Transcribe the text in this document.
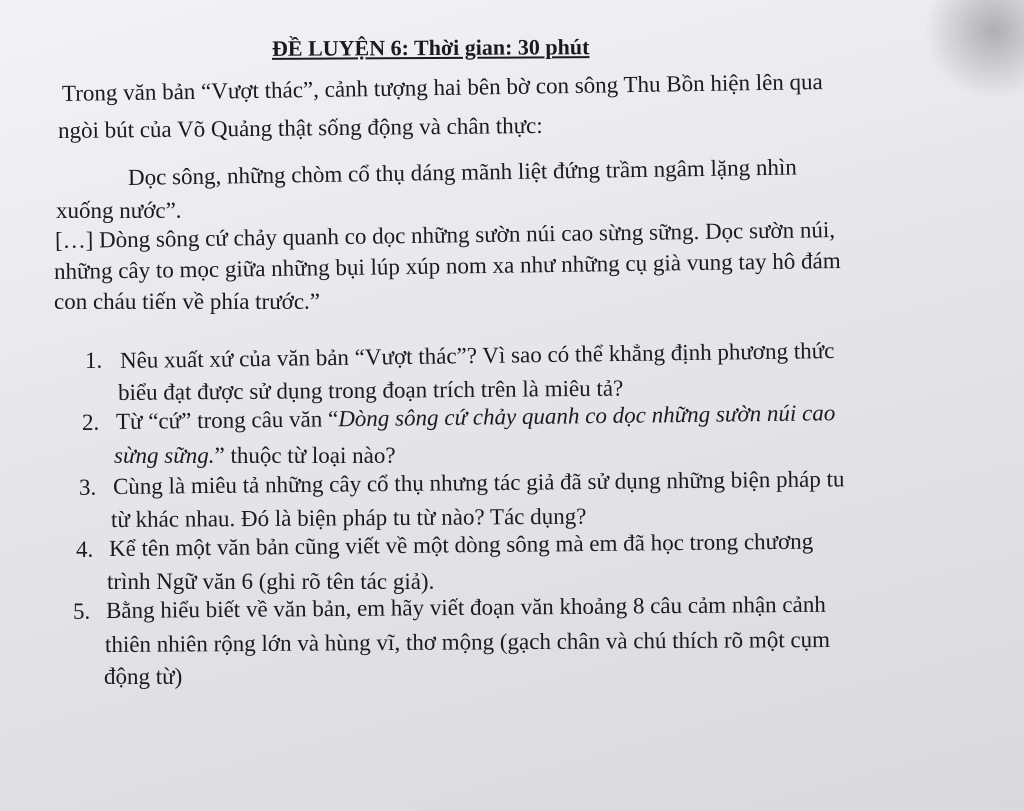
ĐỀ LUYỆN 6: Thời gian: 30 phút
Trong văn bản “Vượt thác”, cảnh tượng hai bên bờ con sông Thu Bồn hiện lên qua
ngòi bút của Võ Quảng thật sống động và chân thực:
Dọc sông, những chòm cổ thụ dáng mãnh liệt đứng trầm ngâm lặng nhìn
xuống nước”.
[…] Dòng sông cứ chảy quanh co dọc những sườn núi cao sừng sững. Dọc sườn núi,
những cây to mọc giữa những bụi lúp xúp nom xa như những cụ già vung tay hô đám
con cháu tiến về phía trước.”
1. Nêu xuất xứ của văn bản “Vượt thác”? Vì sao có thể khẳng định phương thức
biểu đạt được sử dụng trong đoạn trích trên là miêu tả?
2. Từ “cứ” trong câu văn “Dòng sông cứ chảy quanh co dọc những sườn núi cao
sừng sững.” thuộc từ loại nào?
3. Cùng là miêu tả những cây cổ thụ nhưng tác giả đã sử dụng những biện pháp tu
từ khác nhau. Đó là biện pháp tu từ nào? Tác dụng?
4. Kể tên một văn bản cũng viết về một dòng sông mà em đã học trong chương
trình Ngữ văn 6 (ghi rõ tên tác giả).
5. Bằng hiểu biết về văn bản, em hãy viết đoạn văn khoảng 8 câu cảm nhận cảnh
thiên nhiên rộng lớn và hùng vĩ, thơ mộng (gạch chân và chú thích rõ một cụm
động từ)
